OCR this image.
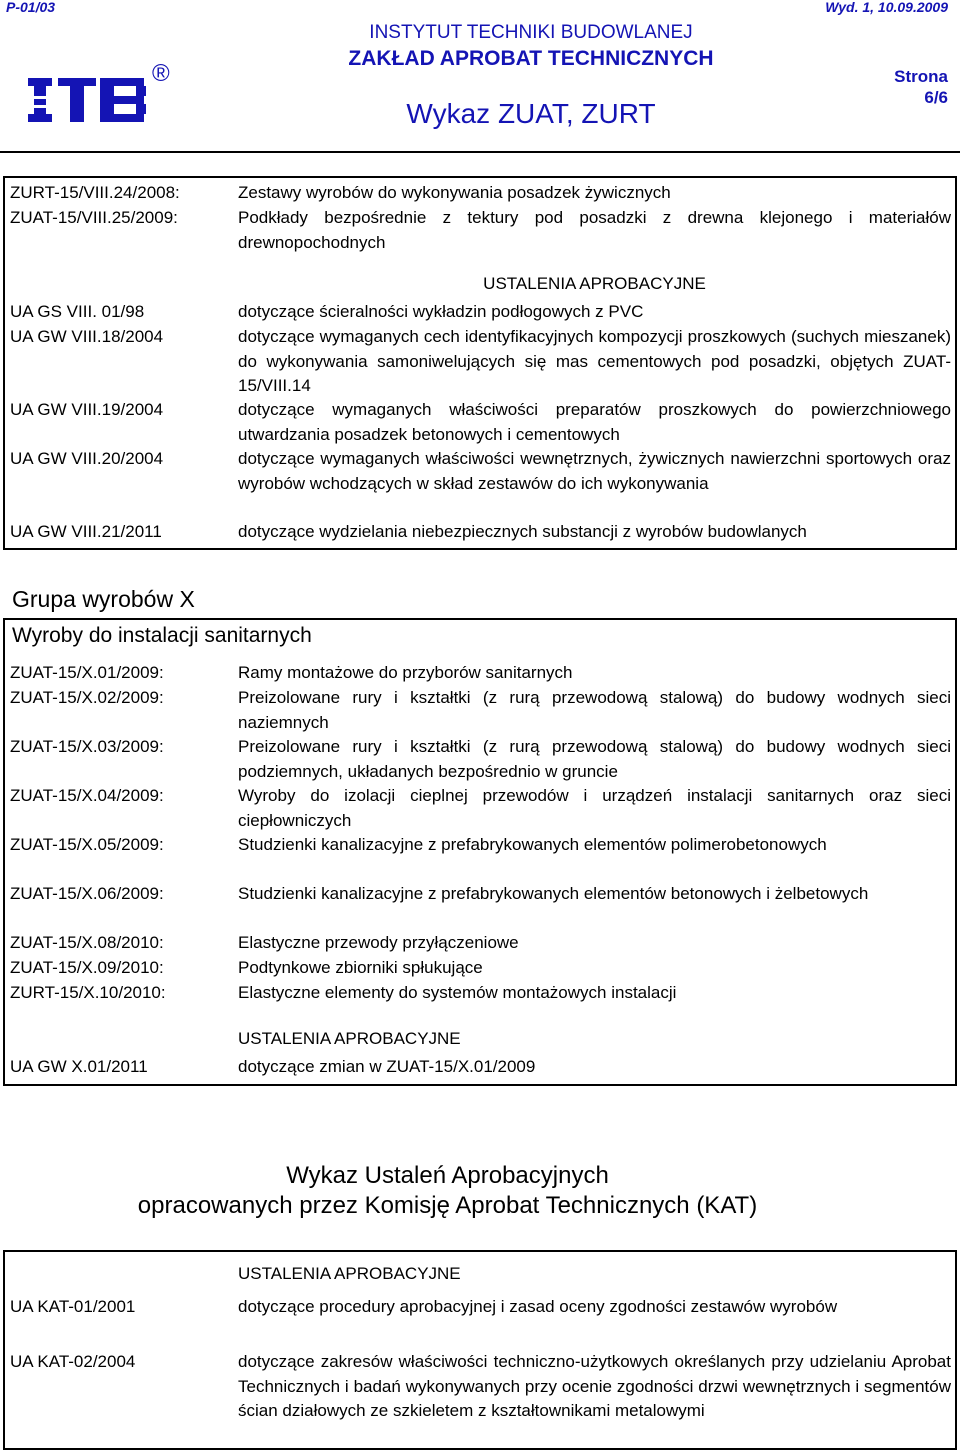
P-01/03	Wyd. 1, 10.09.2009
INSTYTUT TECHNIKI BUDOWLANEJ
ZAKŁAD APROBAT TECHNICZNYCH
Wykaz ZUAT, ZURT
Strona
6/6
®
ZURT-15/VIII.24/2008:	Zestawy wyrobów do wykonywania posadzek żywicznych
ZUAT-15/VIII.25/2009:	Podkłady bezpośrednie z tektury pod posadzki z drewna klejonego i materiałów drewnopochodnych
USTALENIA APROBACYJNE
UA GS VIII. 01/98	dotyczące ścieralności wykładzin podłogowych z PVC
UA GW VIII.18/2004	dotyczące wymaganych cech identyfikacyjnych kompozycji proszkowych (suchych mieszanek) do wykonywania samoniwelujących się mas cementowych pod posadzki, objętych ZUAT-15/VIII.14
UA GW VIII.19/2004	dotyczące wymaganych właściwości preparatów proszkowych do powierzchniowego utwardzania posadzek betonowych i cementowych
UA GW VIII.20/2004	dotyczące wymaganych właściwości wewnętrznych, żywicznych nawierzchni sportowych oraz wyrobów wchodzących w skład zestawów do ich wykonywania
UA GW VIII.21/2011	dotyczące wydzielania niebezpiecznych substancji z wyrobów budowlanych
Grupa wyrobów X
Wyroby do instalacji sanitarnych
ZUAT-15/X.01/2009:	Ramy montażowe do przyborów sanitarnych
ZUAT-15/X.02/2009:	Preizolowane rury i kształtki (z rurą przewodową stalową) do budowy wodnych sieci naziemnych
ZUAT-15/X.03/2009:	Preizolowane rury i kształtki (z rurą przewodową stalową) do budowy wodnych sieci podziemnych, układanych bezpośrednio w gruncie
ZUAT-15/X.04/2009:	Wyroby do izolacji cieplnej przewodów i urządzeń instalacji sanitarnych oraz sieci ciepłowniczych
ZUAT-15/X.05/2009:	Studzienki kanalizacyjne z prefabrykowanych elementów polimerobetonowych
ZUAT-15/X.06/2009:	Studzienki kanalizacyjne z prefabrykowanych elementów betonowych i żelbetowych
ZUAT-15/X.08/2010:	Elastyczne przewody przyłączeniowe
ZUAT-15/X.09/2010:	Podtynkowe zbiorniki spłukujące
ZURT-15/X.10/2010:	Elastyczne elementy do systemów montażowych instalacji
USTALENIA APROBACYJNE
UA GW X.01/2011	dotyczące zmian w ZUAT-15/X.01/2009
Wykaz Ustaleń Aprobacyjnych
opracowanych przez Komisję Aprobat Technicznych (KAT)
USTALENIA APROBACYJNE
UA KAT-01/2001	dotyczące procedury aprobacyjnej i zasad oceny zgodności zestawów wyrobów
UA KAT-02/2004	dotyczące zakresów właściwości techniczno-użytkowych określanych przy udzielaniu Aprobat Technicznych i badań wykonywanych przy ocenie zgodności drzwi wewnętrznych i segmentów ścian działowych ze szkieletem z kształtownikami metalowymi
